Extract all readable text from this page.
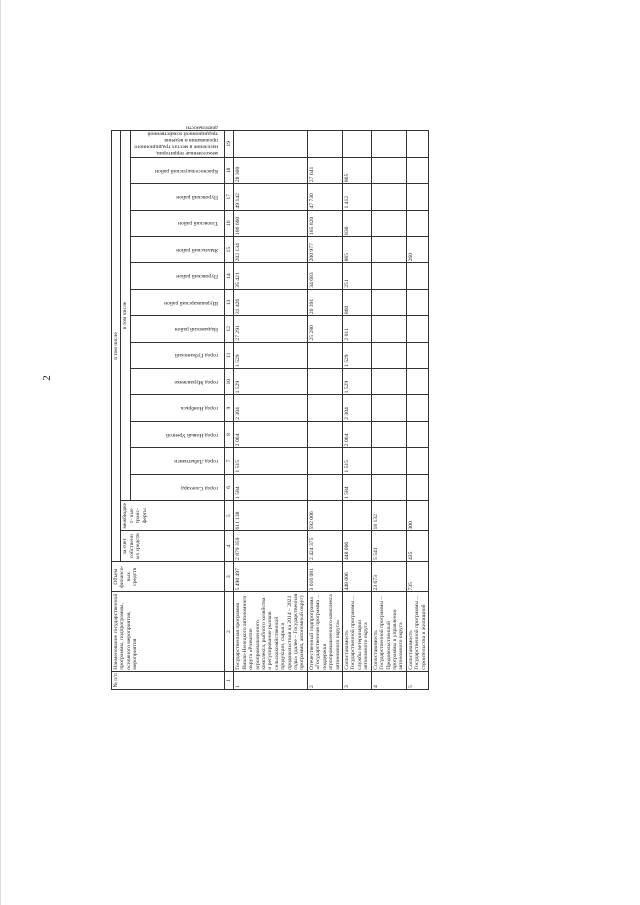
2
№ п/п	Наименование государственной программы, подпрограммы, основного мероприятия, мероприятия	Объем финансо- вых средств	в том числе															
			за счет собственных средств	межбюджет- ные транс- ферты	в том числе													

					город Салехард	город Лабытнанги	город Новый Уренгой	город Ноябрьск	город Муравленко	город Губкинский	Надымский район	Шурышкарский район	Пуровский район	Ямальский район	Тазовский район	Пуровский район	Красноселькупский район	межселенные территории, население в местах традиционного проживания и ведения традиционной хозяйственной деятельности

1	2	3	4	5	6	7	8	9	10	11	12	13	14	15	16	17	18	19
1	Государственная программа Ямало-Ненецкого автономного округа «Развитие агропромышленного комплекса, рыбного хозяйства и регулирование рынков сельскохозяйственной продукции, сырья и продовольствия на 2014 – 2021 годы» (далее – Государственная программа, автономный округ)	5 490 497	2 879 359	611 138	1 584	1 515	2 064	2 304	1 529	1 529	27 291	31 426	35 421	202 134	186 660	49 142	28 300	
2	Отечественный подпрограмма «Государственная программа ... поддержки агропромышленного комплекса автономного округа»	3 016 081	2 424 375	592 006							25 280	20 391	34 683	200 977	185 820	47 730	27 641	
3	Сопоставимость Государственной программы ... службы ветеринарии автономного округа	448 006	448 006		1 584	1 515	2 064	2 304	1 529	1 529	2 011	860	251	865	830	1 412	865	
4	Сопоставимость Государственной программы – Продовольственный программы в управлении автономного округа	23 673	5 541	18 132														
5	Сопоставимость Государственной программы ... строительства и жилищной	735	435	300										260				
